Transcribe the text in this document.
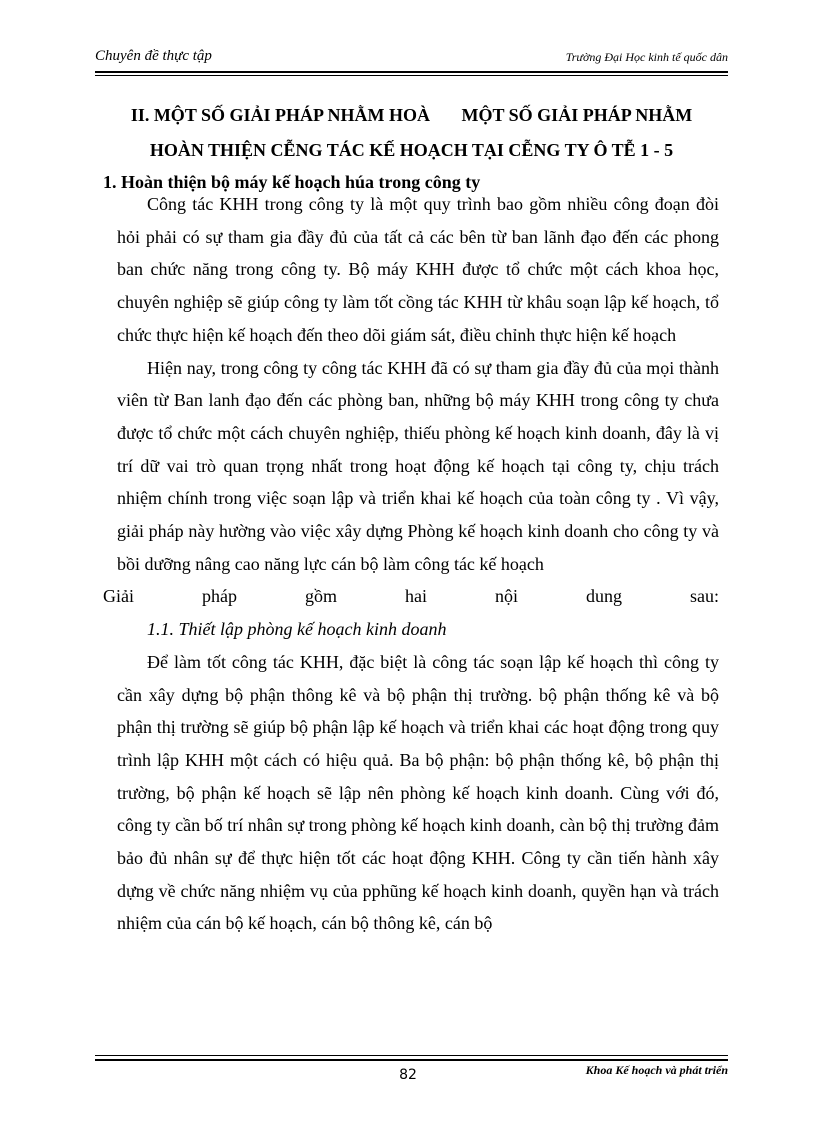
Chuyên đề thực tập	Trường Đại Học kinh tế quốc dân
II. MỘT SỐ GIẢI PHÁP NHẰM HOÀ       MỘT SỐ GIẢI PHÁP NHẰM
HOÀN THIỆN CỄNG TÁC KẾ HOẠCH TẠI CỄNG TY Ô TỄ 1 - 5
1. Hoàn thiện bộ máy kế hoạch húa trong công ty

Công tác KHH trong công ty là một quy trình bao gồm nhiều công đoạn đòi hỏi phải có sự tham gia đầy đủ của tất cả các bên từ ban lãnh đạo đến các phong ban chức năng trong công ty. Bộ máy KHH được tổ chức một cách khoa học, chuyên nghiệp sẽ giúp công ty làm tốt cồng tác KHH từ khâu soạn lập kế hoạch, tổ chức thực hiện kế hoạch đến theo dõi giám sát, điều chỉnh thực hiện kế hoạch

Hiện nay, trong công ty công tác KHH đã có sự tham gia đầy đủ của mọi thành viên từ Ban lanh đạo đến các phòng ban, những bộ máy KHH trong công ty chưa được tổ chức một cách chuyên nghiệp, thiếu phòng kế hoạch kinh doanh, đây là vị trí dữ vai trò quan trọng nhất trong hoạt động kế hoạch tại công ty, chịu trách nhiệm chính trong việc soạn lập và triển khai kế hoạch của toàn công ty . Vì vậy, giải pháp này hường vào việc xây dựng Phòng kế hoạch kinh doanh cho công ty và bồi dưỡng nâng cao năng lực cán bộ làm công tác kế hoạch

Giải pháp gồm hai nội dung sau:

1.1. Thiết lập phòng kế hoạch kinh doanh

Để làm tốt công tác KHH, đặc biệt là công tác soạn lập kế hoạch thì công ty cần xây dựng bộ phận thông kê và bộ phận thị trường. bộ phận thống kê và bộ phận thị trường sẽ giúp bộ phận lập kế hoạch và triển khai các hoạt động trong quy trình lập KHH một cách có hiệu quả. Ba bộ phận: bộ phận thống kê, bộ phận thị trường, bộ phận kế hoạch sẽ lập nên phòng kế hoạch kinh doanh. Cùng với đó, công ty cần bố trí nhân sự trong phòng kế hoạch kinh doanh, càn bộ thị trường đảm bảo đủ nhân sự để thực hiện tốt các hoạt động KHH. Công ty cần tiến hành xây dựng về chức năng nhiệm vụ của pphũng kế hoạch kinh doanh, quyền hạn và trách nhiệm của cán bộ kế hoạch, cán bộ thông kê, cán bộ

82	Khoa Kế hoạch và phát triển
